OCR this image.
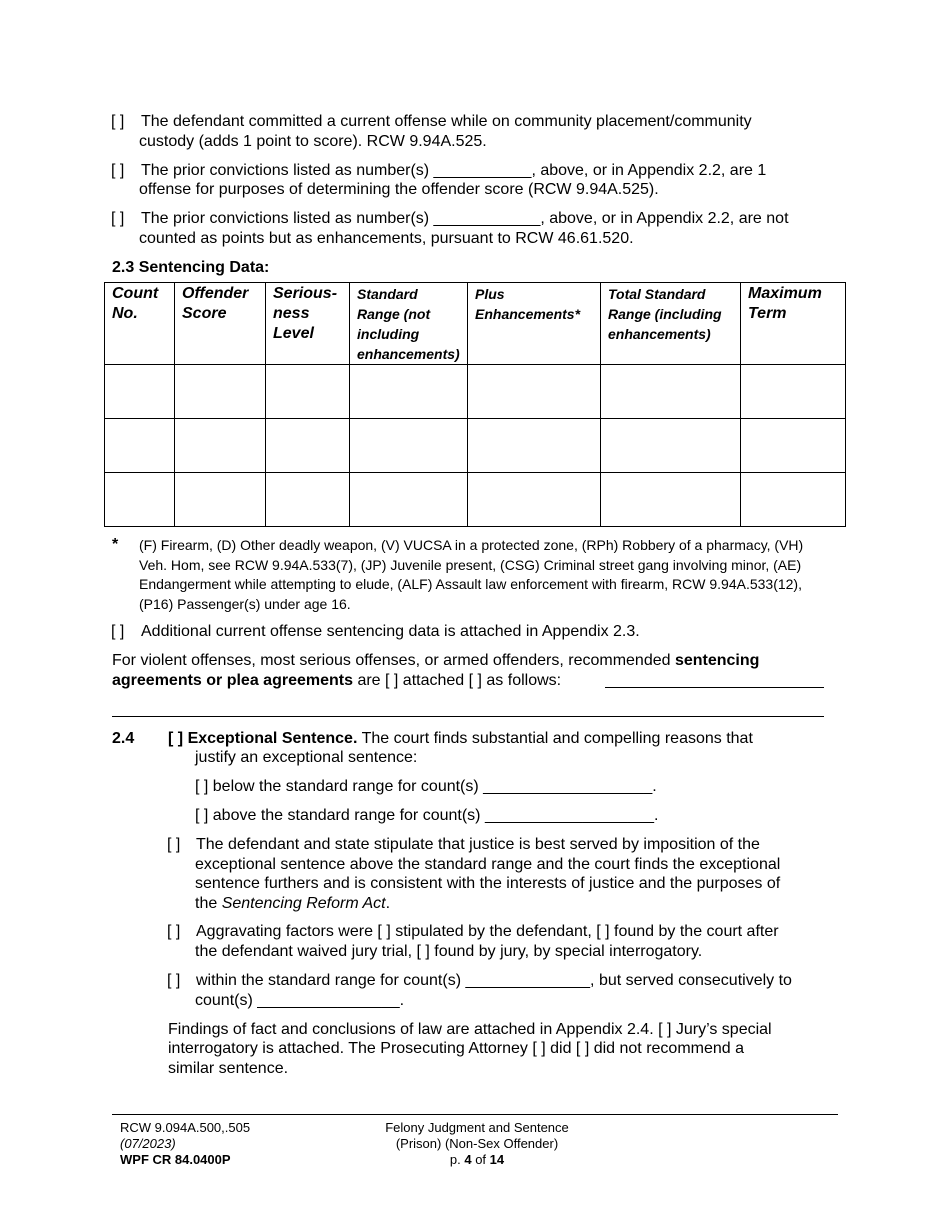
[ ] The defendant committed a current offense while on community placement/community
custody (adds 1 point to score). RCW 9.94A.525.
[ ] The prior convictions listed as number(s) ___________, above, or in Appendix 2.2, are 1
offense for purposes of determining the offender score (RCW 9.94A.525).
[ ] The prior convictions listed as number(s) ____________, above, or in Appendix 2.2, are not
counted as points but as enhancements, pursuant to RCW 46.61.520.
2.3 Sentencing Data:
Count No.	Offender Score	Serious-ness Level	Standard Range (not including enhancements)	Plus Enhancements*	Total Standard Range (including enhancements)	Maximum Term

* (F) Firearm, (D) Other deadly weapon, (V) VUCSA in a protected zone, (RPh) Robbery of a pharmacy, (VH)
Veh. Hom, see RCW 9.94A.533(7), (JP) Juvenile present, (CSG) Criminal street gang involving minor, (AE)
Endangerment while attempting to elude, (ALF) Assault law enforcement with firearm, RCW 9.94A.533(12),
(P16) Passenger(s) under age 16.
[ ] Additional current offense sentencing data is attached in Appendix 2.3.
For violent offenses, most serious offenses, or armed offenders, recommended sentencing
agreements or plea agreements are [ ] attached [ ] as follows:
2.4 [ ] Exceptional Sentence. The court finds substantial and compelling reasons that
justify an exceptional sentence:
[ ] below the standard range for count(s) ___________________.
[ ] above the standard range for count(s) ___________________.
[ ] The defendant and state stipulate that justice is best served by imposition of the
exceptional sentence above the standard range and the court finds the exceptional
sentence furthers and is consistent with the interests of justice and the purposes of
the Sentencing Reform Act.
[ ] Aggravating factors were [ ] stipulated by the defendant, [ ] found by the court after
the defendant waived jury trial, [ ] found by jury, by special interrogatory.
[ ] within the standard range for count(s) ______________, but served consecutively to
count(s) ________________.
Findings of fact and conclusions of law are attached in Appendix 2.4. [ ] Jury’s special
interrogatory is attached. The Prosecuting Attorney [ ] did [ ] did not recommend a
similar sentence.
RCW 9.094A.500,.505
(07/2023)
WPF CR 84.0400P
Felony Judgment and Sentence
(Prison) (Non-Sex Offender)
p. 4 of 14
